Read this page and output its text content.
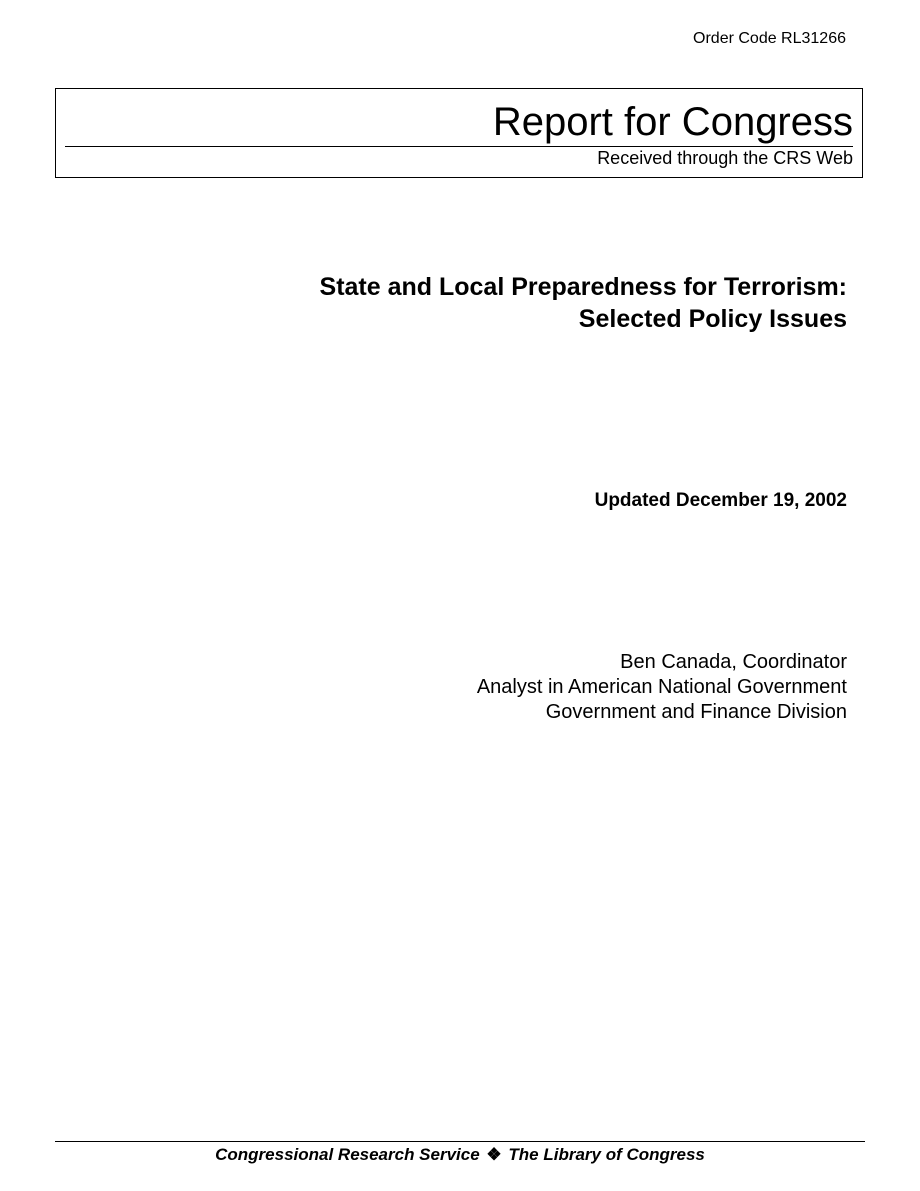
Order Code RL31266
Report for Congress
Received through the CRS Web
State and Local Preparedness for Terrorism:
Selected Policy Issues
Updated December 19, 2002
Ben Canada, Coordinator
Analyst in American National Government
Government and Finance Division
Congressional Research Service ❖ The Library of Congress
